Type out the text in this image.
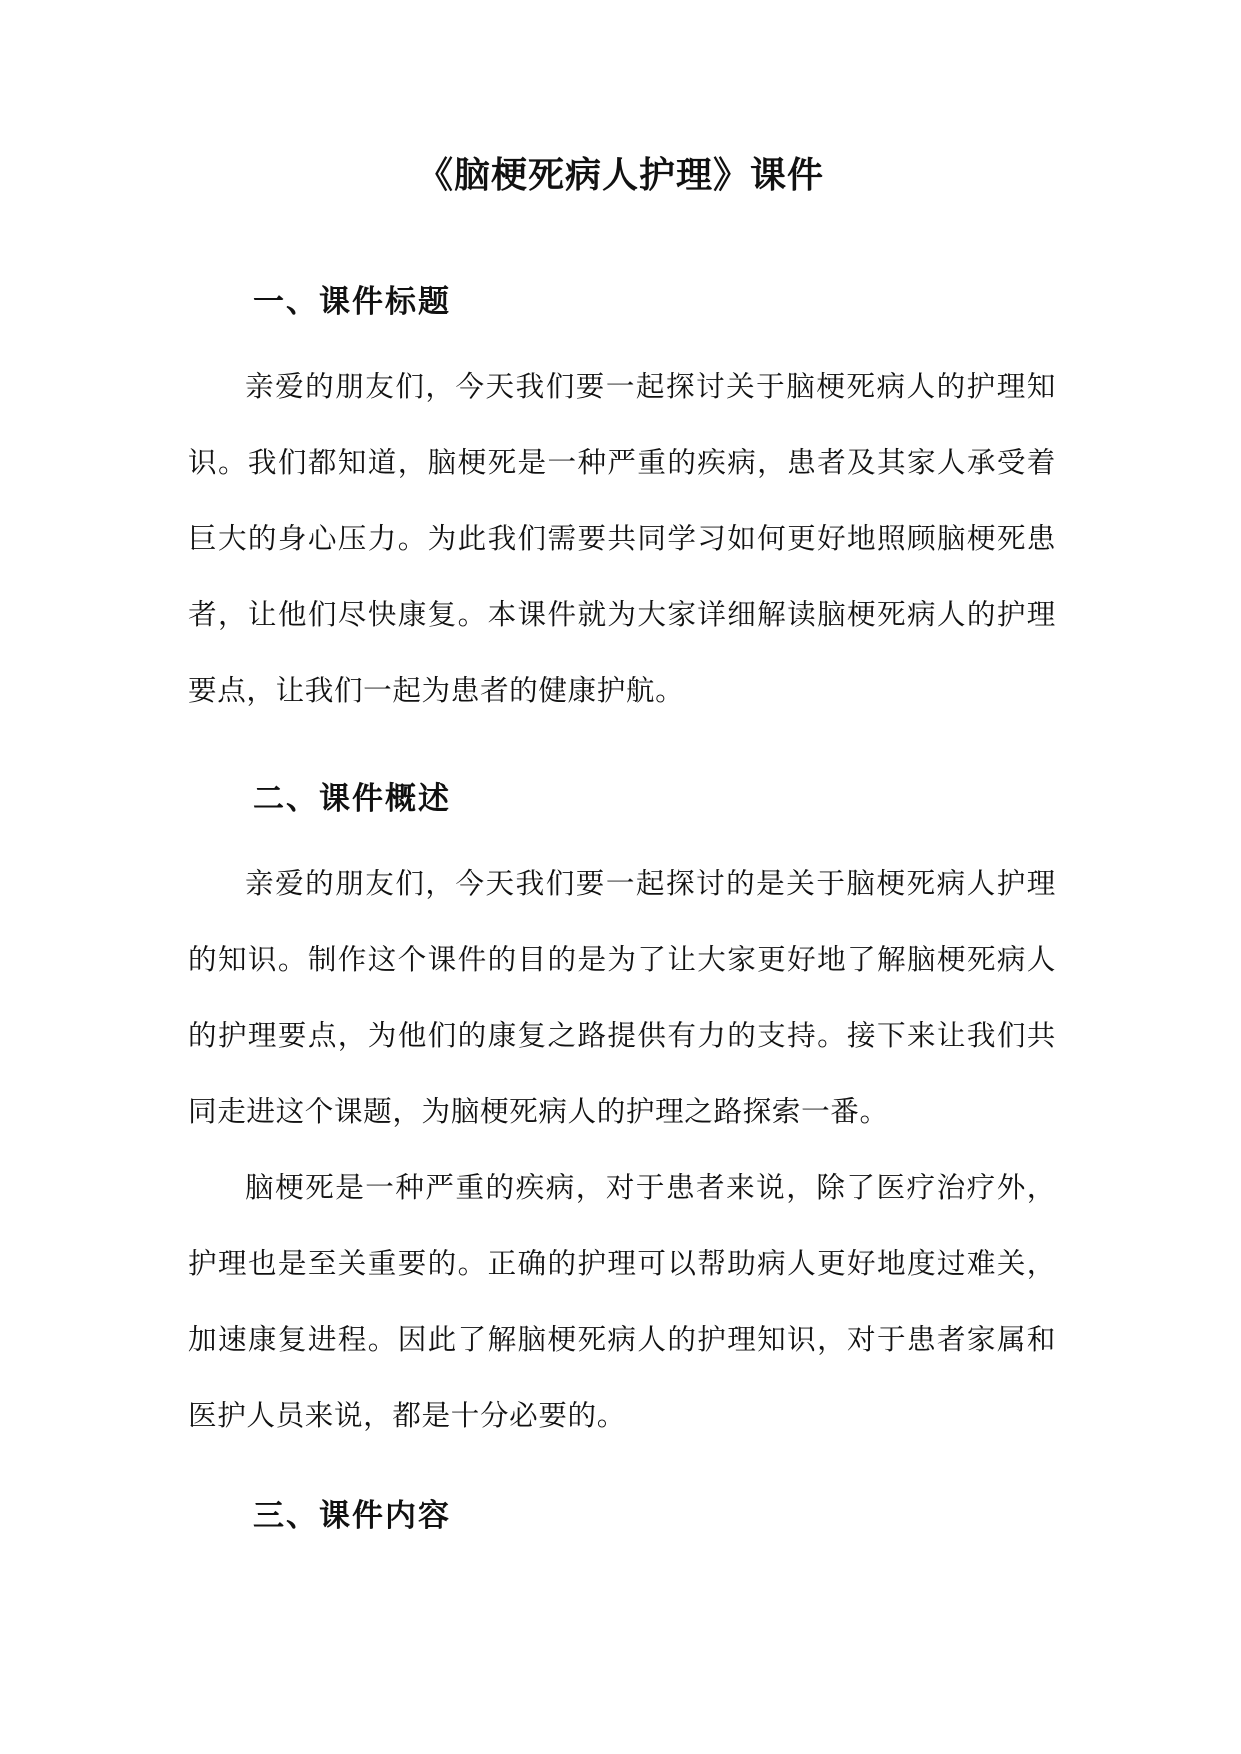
《脑梗死病人护理》课件
一、课件标题

亲爱的朋友们，今天我们要一起探讨关于脑梗死病人的护理知识。我们都知道，脑梗死是一种严重的疾病，患者及其家人承受着巨大的身心压力。为此我们需要共同学习如何更好地照顾脑梗死患者，让他们尽快康复。本课件就为大家详细解读脑梗死病人的护理要点，让我们一起为患者的健康护航。

二、课件概述

亲爱的朋友们，今天我们要一起探讨的是关于脑梗死病人护理的知识。制作这个课件的目的是为了让大家更好地了解脑梗死病人的护理要点，为他们的康复之路提供有力的支持。接下来让我们共同走进这个课题，为脑梗死病人的护理之路探索一番。

脑梗死是一种严重的疾病，对于患者来说，除了医疗治疗外，护理也是至关重要的。正确的护理可以帮助病人更好地度过难关，加速康复进程。因此了解脑梗死病人的护理知识，对于患者家属和医护人员来说，都是十分必要的。

三、课件内容
